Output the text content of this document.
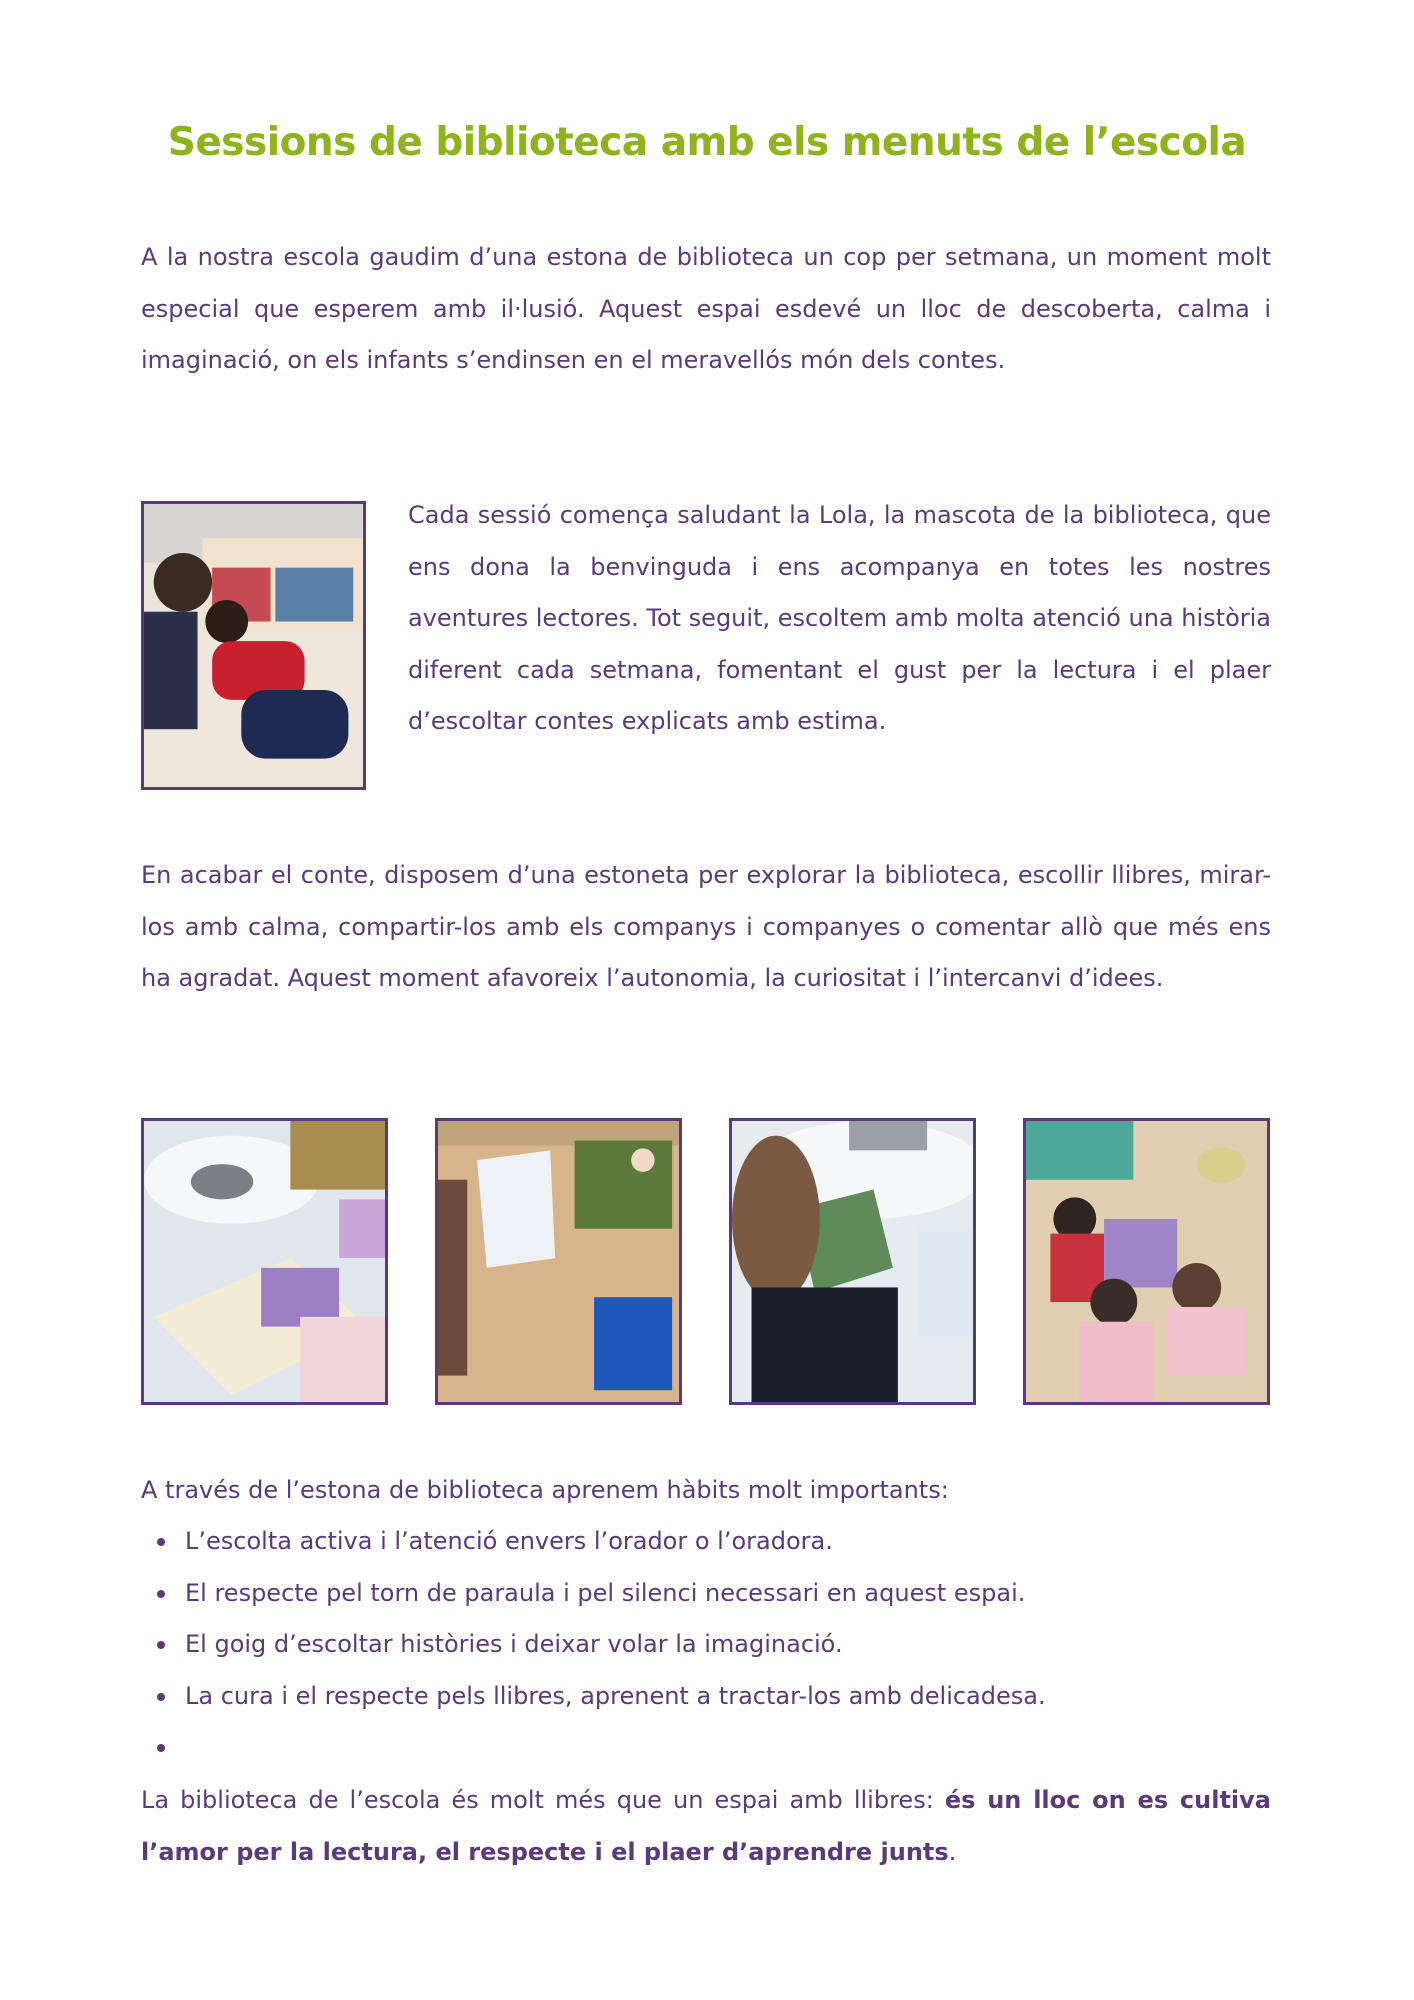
Sessions de biblioteca amb els menuts de l’escola

A la nostra escola gaudim d’una estona de biblioteca un cop per setmana, un moment molt especial que esperem amb il·lusió. Aquest espai esdevé un lloc de descoberta, calma i imaginació, on els infants s’endinsen en el meravellós món dels contes.

Cada sessió comença saludant la Lola, la mascota de la biblioteca, que ens dona la benvinguda i ens acompanya en totes les nostres aventures lectores. Tot seguit, escoltem amb molta atenció una història diferent cada setmana, fomentant el gust per la lectura i el plaer d’escoltar contes explicats amb estima.

En acabar el conte, disposem d’una estoneta per explorar la biblioteca, escollir llibres, mirar-los amb calma, compartir-los amb els companys i companyes o comentar allò que més ens ha agradat. Aquest moment afavoreix l’autonomia, la curiositat i l’intercanvi d’idees.

A través de l’estona de biblioteca aprenem hàbits molt importants:

L’escolta activa i l’atenció envers l’orador o l’oradora.
El respecte pel torn de paraula i pel silenci necessari en aquest espai.
El goig d’escoltar històries i deixar volar la imaginació.
La cura i el respecte pels llibres, aprenent a tractar-los amb delicadesa.

La biblioteca de l’escola és molt més que un espai amb llibres: és un lloc on es cultiva l’amor per la lectura, el respecte i el plaer d’aprendre junts.
